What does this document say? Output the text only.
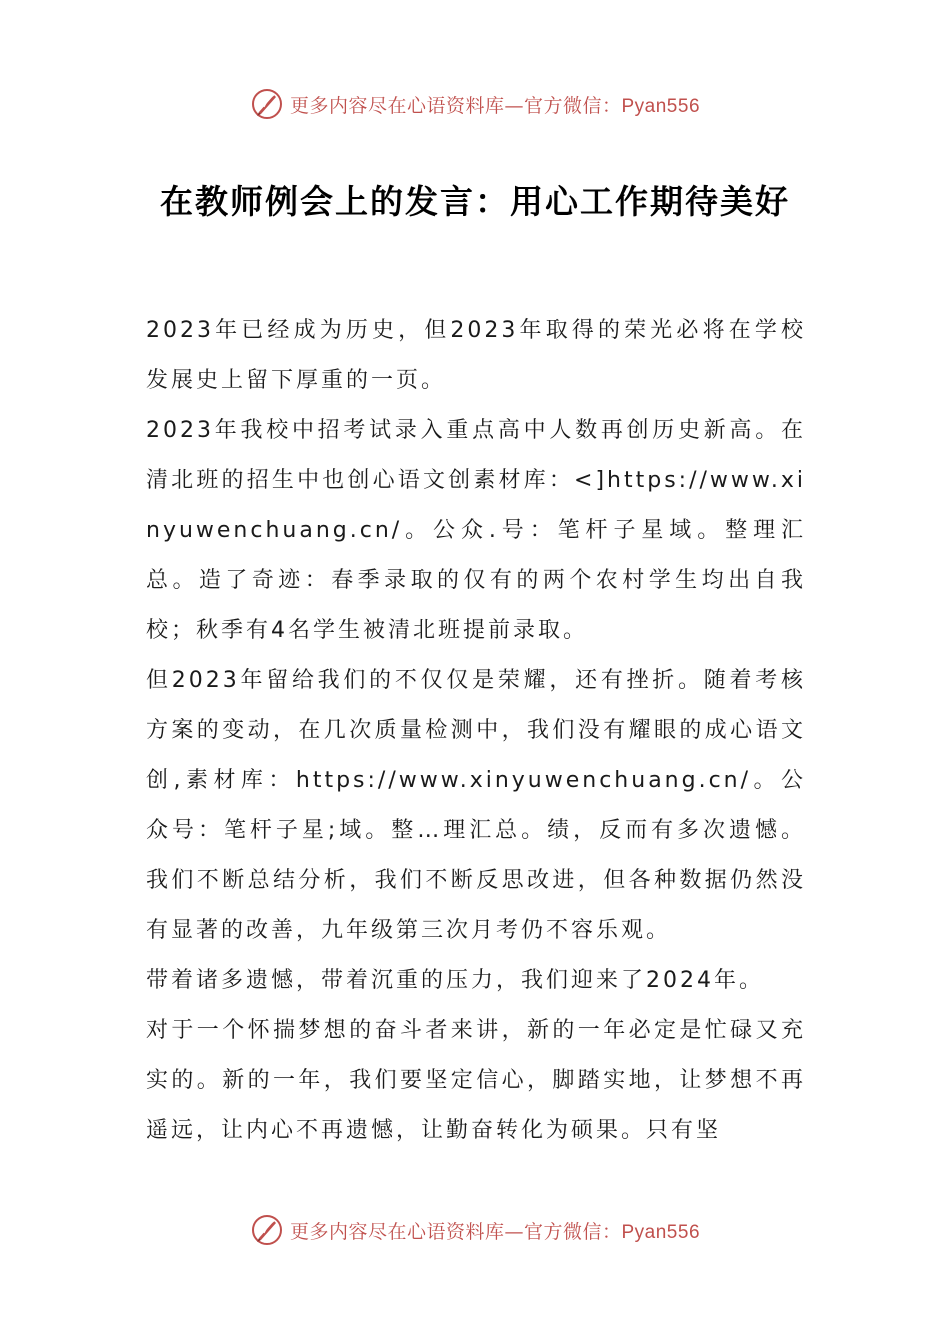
更多内容尽在心语资料库—官方微信：Pyan556
在教师例会上的发言：用心工作期待美好

2023年已经成为历史，但2023年取得的荣光必将在学校发展史上留下厚重的一页。

2023年我校中招考试录入重点高中人数再创历史新高。在清北班的招生中也创心语文创素材库：<]https://www.xinyuwenchuang.cn/。公众.号：笔杆子星域。整理汇总。造了奇迹：春季录取的仅有的两个农村学生均出自我校；秋季有4名学生被清北班提前录取。

但2023年留给我们的不仅仅是荣耀，还有挫折。随着考核方案的变动，在几次质量检测中，我们没有耀眼的成心语文创,素材库：https://www.xinyuwenchuang.cn/。公众号：笔杆子星;域。整…理汇总。绩，反而有多次遗憾。我们不断总结分析，我们不断反思改进，但各种数据仍然没有显著的改善，九年级第三次月考仍不容乐观。

带着诸多遗憾，带着沉重的压力，我们迎来了2024年。

对于一个怀揣梦想的奋斗者来讲，新的一年必定是忙碌又充实的。新的一年，我们要坚定信心，脚踏实地，让梦想不再遥远，让内心不再遗憾，让勤奋转化为硕果。只有坚

更多内容尽在心语资料库—官方微信：Pyan556
